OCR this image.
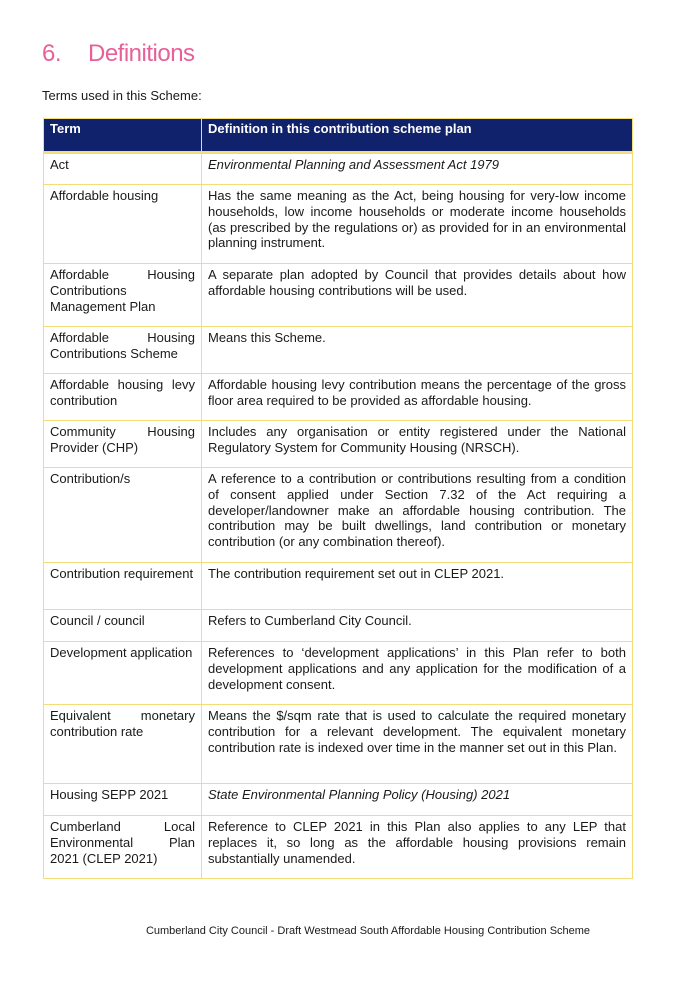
6. Definitions
Terms used in this Scheme:
Term	Definition in this contribution scheme plan
Act	Environmental Planning and Assessment Act 1979
Affordable housing	Has the same meaning as the Act, being housing for very-low income households, low income households or moderate income households (as prescribed by the regulations or) as provided for in an environmental planning instrument.
Affordable Housing Contributions Management Plan	A separate plan adopted by Council that provides details about how affordable housing contributions will be used.
Affordable Housing Contributions Scheme	Means this Scheme.
Affordable housing levy contribution	Affordable housing levy contribution means the percentage of the gross floor area required to be provided as affordable housing.
Community Housing Provider (CHP)	Includes any organisation or entity registered under the National Regulatory System for Community Housing (NRSCH).
Contribution/s	A reference to a contribution or contributions resulting from a condition of consent applied under Section 7.32 of the Act requiring a developer/landowner make an affordable housing contribution. The contribution may be built dwellings, land contribution or monetary contribution (or any combination thereof).
Contribution requirement	The contribution requirement set out in CLEP 2021.
Council / council	Refers to Cumberland City Council.
Development application	References to ‘development applications’ in this Plan refer to both development applications and any application for the modification of a development consent.
Equivalent monetary contribution rate	Means the $/sqm rate that is used to calculate the required monetary contribution for a relevant development. The equivalent monetary contribution rate is indexed over time in the manner set out in this Plan.
Housing SEPP 2021	State Environmental Planning Policy (Housing) 2021
Cumberland Local Environmental Plan 2021 (CLEP 2021)	Reference to CLEP 2021 in this Plan also applies to any LEP that replaces it, so long as the affordable housing provisions remain substantially unamended.
Cumberland City Council - Draft Westmead South Affordable Housing Contribution Scheme
